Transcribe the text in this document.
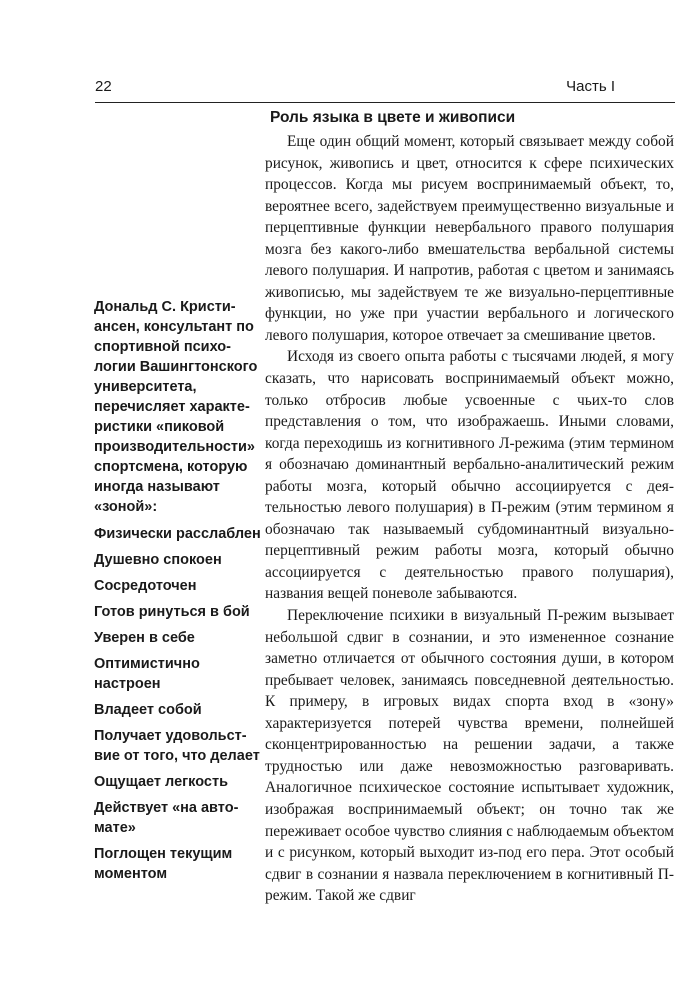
22	Часть I
Роль языка в цвете и живописи

Еще один общий момент, который связывает между собой рисунок, живопись и цвет, относится к сфере психических процессов. Когда мы рисуем воспринимаемый объект, то, вероятнее всего, задействуем преимущественно визуальные и перцептивные функции невербального правого полушария мозга без какого-либо вмешательства вербальной системы левого полушария. И напротив, работая с цветом и занимаясь живописью, мы задействуем те же визуально-перцептивные функции, но уже при участии вербального и логического левого полушария, которое отвечает за смешивание цветов.

Исходя из своего опыта работы с тысячами людей, я могу сказать, что нарисовать воспринимаемый объект можно, только отбросив любые усвоенные с чьих-то слов представления о том, что изображаешь. Иными словами, когда переходишь из когнитивного Л-режима (этим термином я обозначаю доминантный вербально-аналитический режим работы мозга, который обычно ассоциируется с деятельностью левого полушария) в П-режим (этим термином я обозначаю так называемый субдоминантный визуально-перцептивный режим работы мозга, который обычно ассоциируется с деятельностью правого полушария), названия вещей поневоле забываются.

Переключение психики в визуальный П-режим вызывает небольшой сдвиг в сознании, и это измененное сознание заметно отличается от обычного состояния души, в котором пребывает человек, занимаясь повседневной деятельностью. К примеру, в игровых видах спорта вход в «зону» характеризуется потерей чувства времени, полнейшей сконцентрированностью на решении задачи, а также трудностью или даже невозможностью разговаривать. Аналогичное психическое состояние испытывает художник, изображая воспринимаемый объект; он точно так же переживает особое чувство слияния с наблюдаемым объектом и с рисунком, который выходит из-под его пера. Этот особый сдвиг в сознании я назвала переключением в когнитивный П-режим. Такой же сдвиг

Дональд С. Кристиансен, консультант по спортивной психологии Вашингтонского университета, перечисляет характеристики «пиковой производительности» спортсмена, которую иногда называют «зоной»:

Физически расслаблен

Душевно спокоен

Сосредоточен

Готов ринуться в бой

Уверен в себе

Оптимистично настроен

Владеет собой

Получает удовольствие от того, что делает

Ощущает легкость

Действует «на автомате»

Поглощен текущим моментом
